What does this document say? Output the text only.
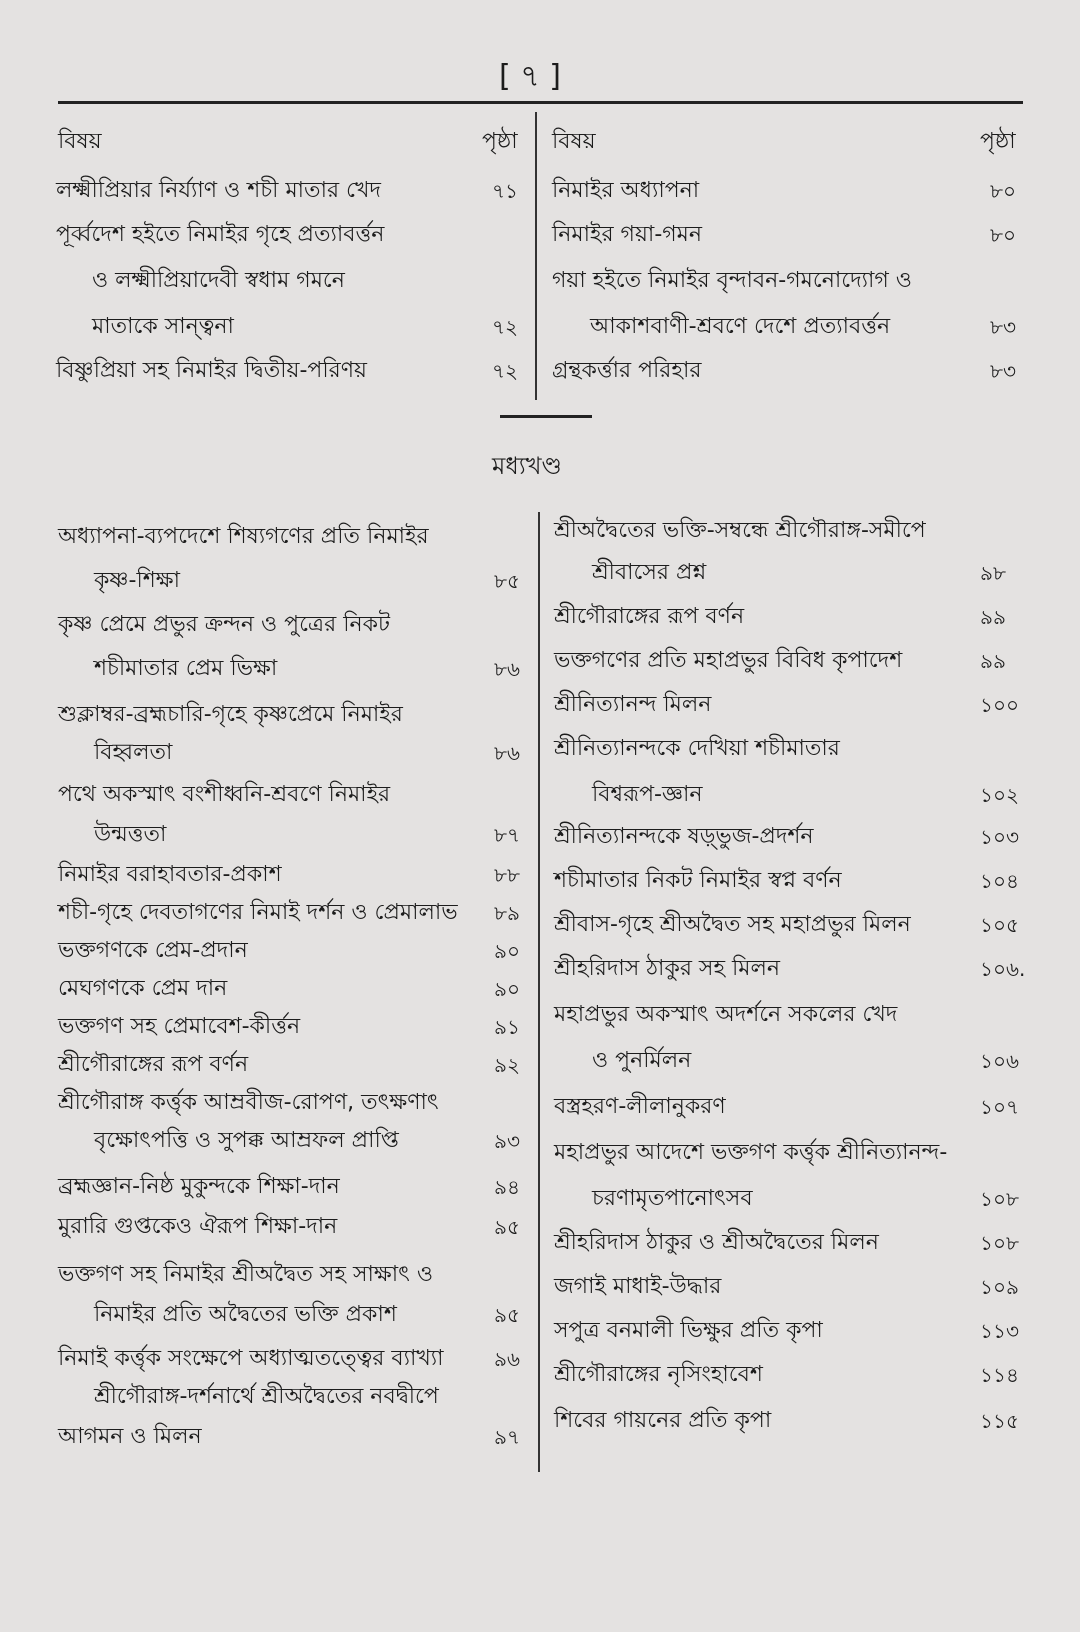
[ ৭ ]
বিষয়	পৃষ্ঠা বিষয়	পৃষ্ঠা
লক্ষ্মীপ্রিয়ার নির্য্যাণ ও শচী মাতার খেদ	৭১
পূর্ব্বদেশ হইতে নিমাইর গৃহে প্রত্যাবর্ত্তন
ও লক্ষ্মীপ্রিয়াদেবী স্বধাম গমনে
মাতাকে সান্ত্বনা	৭২
বিষ্ণুপ্রিয়া সহ নিমাইর দ্বিতীয়-পরিণয়	৭২
নিমাইর অধ্যাপনা	৮০
নিমাইর গয়া-গমন	৮০
গয়া হইতে নিমাইর বৃন্দাবন-গমনোদ্যোগ ও
আকাশবাণী-শ্রবণে দেশে প্রত্যাবর্ত্তন	৮৩
গ্রন্থকর্ত্তার পরিহার	৮৩
মধ্যখণ্ড
অধ্যাপনা-ব্যপদেশে শিষ্যগণের প্রতি নিমাইর
কৃষ্ণ-শিক্ষা	৮৫
কৃষ্ণ প্রেমে প্রভুর ক্রন্দন ও পুত্রের নিকট
শচীমাতার প্রেম ভিক্ষা	৮৬
শুক্লাম্বর-ব্রহ্মচারি-গৃহে কৃষ্ণপ্রেমে নিমাইর
বিহ্বলতা	৮৬
পথে অকস্মাৎ বংশীধ্বনি-শ্রবণে নিমাইর
উন্মত্ততা	৮৭
নিমাইর বরাহাবতার-প্রকাশ	৮৮
শচী-গৃহে দেবতাগণের নিমাই দর্শন ও প্রেমালাভ ৮৯
ভক্তগণকে প্রেম-প্রদান	৯০
মেঘগণকে প্রেম দান	৯০
ভক্তগণ সহ প্রেমাবেশ-কীর্ত্তন	৯১
শ্রীগৌরাঙ্গের রূপ বর্ণন	৯২
শ্রীগৌরাঙ্গ কর্ত্তৃক আম্রবীজ-রোপণ, তৎক্ষণাৎ
বৃক্ষোৎপত্তি ও সুপক্ক আম্রফল প্রাপ্তি	৯৩
ব্রহ্মজ্ঞান-নিষ্ঠ মুকুন্দকে শিক্ষা-দান	৯৪
মুরারি গুপ্তকেও ঐরূপ শিক্ষা-দান	৯৫
ভক্তগণ সহ নিমাইর শ্রীঅদ্বৈত সহ সাক্ষাৎ ও
নিমাইর প্রতি অদ্বৈতের ভক্তি প্রকাশ	৯৫
নিমাই কর্ত্তৃক সংক্ষেপে অধ্যাত্মতত্ত্বের ব্যাখ্যা	৯৬
শ্রীগৌরাঙ্গ-দর্শনার্থে শ্রীঅদ্বৈতের নবদ্বীপে
আগমন ও মিলন	৯৭
শ্রীঅদ্বৈতের ভক্তি-সম্বন্ধে শ্রীগৌরাঙ্গ-সমীপে
শ্রীবাসের প্রশ্ন	৯৮
শ্রীগৌরাঙ্গের রূপ বর্ণন	৯৯
ভক্তগণের প্রতি মহাপ্রভুর বিবিধ কৃপাদেশ	৯৯
শ্রীনিত্যানন্দ মিলন	১০০
শ্রীনিত্যানন্দকে দেখিয়া শচীমাতার
বিশ্বরূপ-জ্ঞান	১০২
শ্রীনিত্যানন্দকে ষড়্ভুজ-প্রদর্শন	১০৩
শচীমাতার নিকট নিমাইর স্বপ্ন বর্ণন	১০৪
শ্রীবাস-গৃহে শ্রীঅদ্বৈত সহ মহাপ্রভুর মিলন	১০৫
শ্রীহরিদাস ঠাকুর সহ মিলন	১০৬.
মহাপ্রভুর অকস্মাৎ অদর্শনে সকলের খেদ
ও পুনর্মিলন	১০৬
বস্ত্রহরণ-লীলানুকরণ	১০৭
মহাপ্রভুর আদেশে ভক্তগণ কর্ত্তৃক শ্রীনিত্যানন্দ-
চরণামৃতপানোৎসব	১০৮
শ্রীহরিদাস ঠাকুর ও শ্রীঅদ্বৈতের মিলন	১০৮
জগাই মাধাই-উদ্ধার	১০৯
সপুত্র বনমালী ভিক্ষুর প্রতি কৃপা	১১৩
শ্রীগৌরাঙ্গের নৃসিংহাবেশ	১১৪
শিবের গায়নের প্রতি কৃপা	১১৫
